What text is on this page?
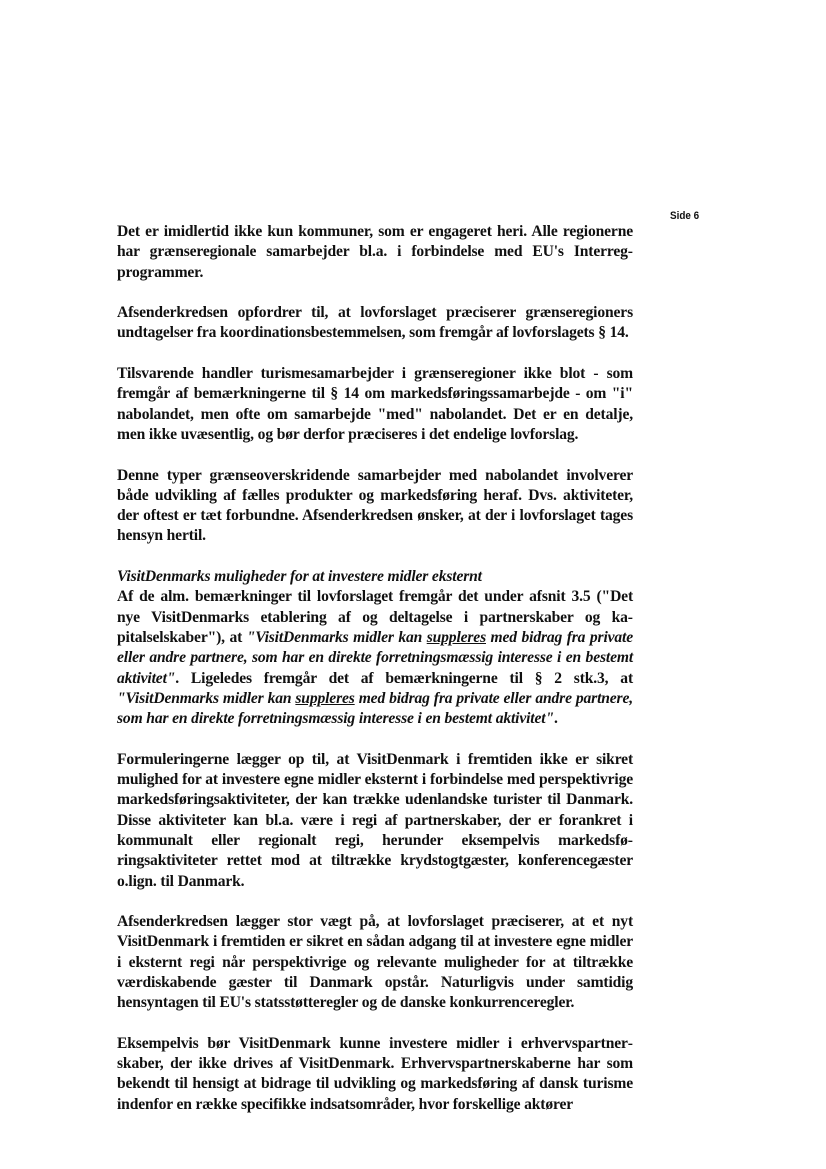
Side 6

Det er imidlertid ikke kun kommuner, som er engageret heri. Alle regionerne har grænseregionale samarbejder bl.a. i forbindelse med EU's Interregprogrammer.

Afsenderkredsen opfordrer til, at lovforslaget præciserer grænseregioners undtagelser fra koordinationsbestemmelsen, som fremgår af lovforslagets § 14.

Tilsvarende handler turismesamarbejder i grænseregioner ikke blot - som fremgår af bemærkningerne til § 14 om markedsføringssamarbejde - om "i" nabolandet, men ofte om samarbejde "med" nabolandet. Det er en detalje, men ikke uvæsentlig, og bør derfor præciseres i det endelige lovforslag.

Denne typer grænseoverskridende samarbejder med nabolandet involverer både udvikling af fælles produkter og markedsføring heraf. Dvs. aktiviteter, der oftest er tæt forbundne. Afsenderkredsen ønsker, at der i lovforslaget tages hensyn hertil.

VisitDenmarks muligheder for at investere midler eksternt

Af de alm. bemærkninger til lovforslaget fremgår det under afsnit 3.5 ("Det nye VisitDenmarks etablering af og deltagelse i partnerskaber og kapitalselskaber"), at "VisitDenmarks midler kan suppleres med bidrag fra private eller andre partnere, som har en direkte forretningsmæssig interesse i en bestemt aktivitet". Ligeledes fremgår det af bemærkningerne til § 2 stk.3, at "VisitDenmarks midler kan suppleres med bidrag fra private eller andre partnere, som har en direkte forretningsmæssig interesse i en bestemt aktivitet".

Formuleringerne lægger op til, at VisitDenmark i fremtiden ikke er sikret mulighed for at investere egne midler eksternt i forbindelse med perspektivrige markedsføringsaktiviteter, der kan trække udenlandske turister til Danmark. Disse aktiviteter kan bl.a. være i regi af partnerskaber, der er forankret i kommunalt eller regionalt regi, herunder eksempelvis markedsføringsaktiviteter rettet mod at tiltrække krydstogtgæster, konferencegæster o.lign. til Danmark.

Afsenderkredsen lægger stor vægt på, at lovforslaget præciserer, at et nyt VisitDenmark i fremtiden er sikret en sådan adgang til at investere egne midler i eksternt regi når perspektivrige og relevante muligheder for at tiltrække værdiskabende gæster til Danmark opstår. Naturligvis under samtidig hensyntagen til EU's statsstøtteregler og de danske konkurrenceregler.

Eksempelvis bør VisitDenmark kunne investere midler i erhvervspartnerskaber, der ikke drives af VisitDenmark. Erhvervspartnerskaberne har som bekendt til hensigt at bidrage til udvikling og markedsføring af dansk turisme indenfor en række specifikke indsatsområder, hvor forskellige aktører
